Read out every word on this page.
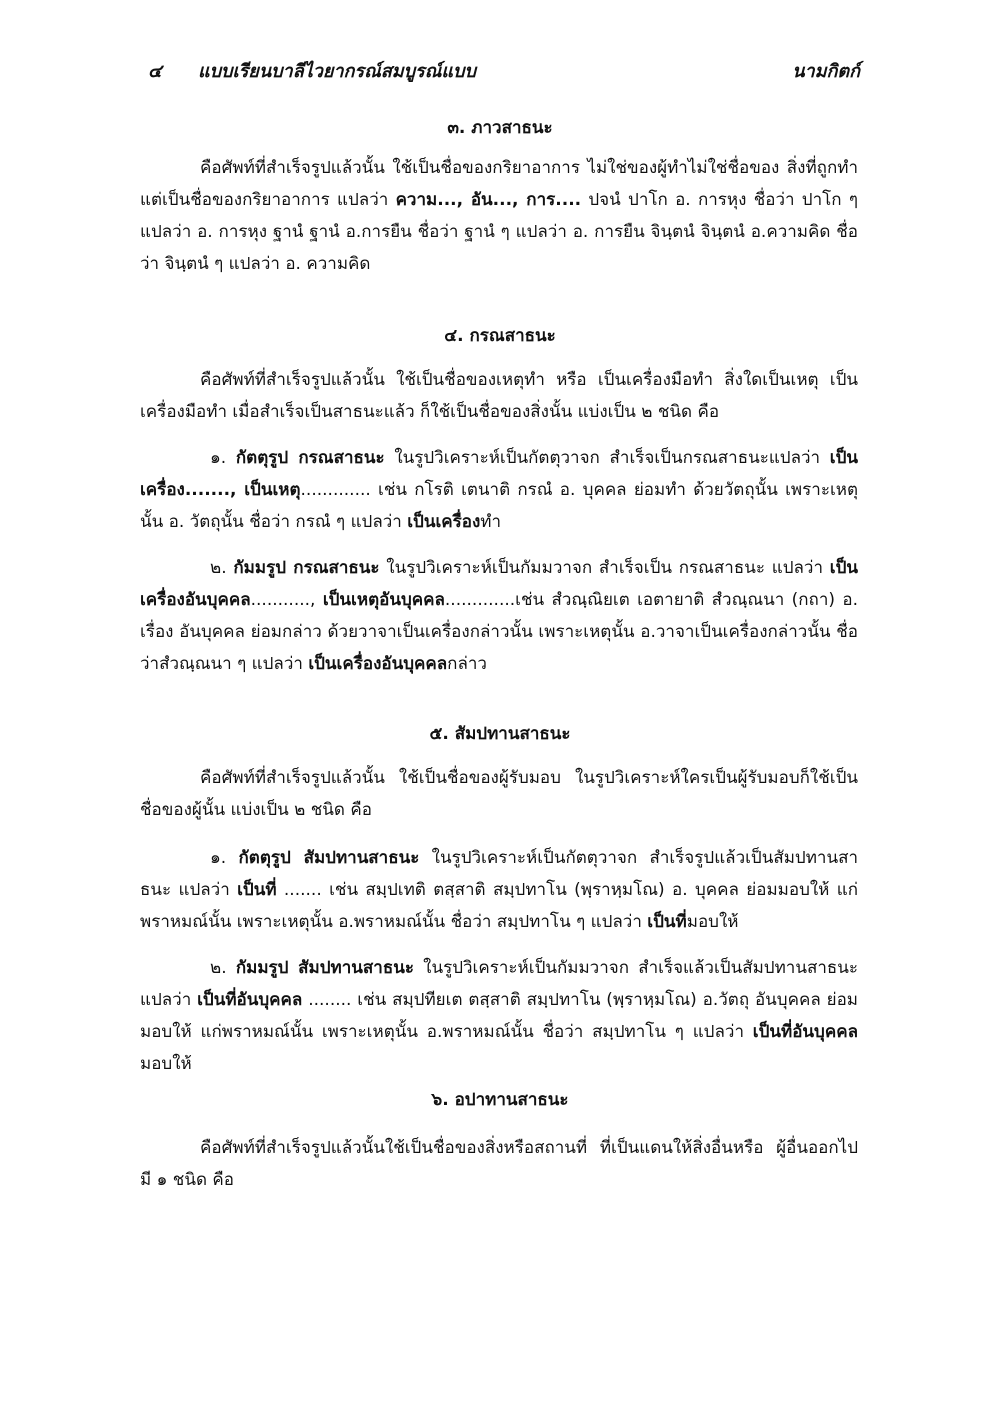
๔ แบบเรียนบาลีไวยากรณ์สมบูรณ์แบบ	นามกิตก์
๓. ภาวสาธนะ

คือศัพท์ที่สำเร็จรูปแล้วนั้น ใช้เป็นชื่อของกริยาอาการ ไม่ใช่ของผู้ทำไม่ใช่ชื่อของ สิ่งที่ถูกทำ แต่เป็นชื่อของกริยาอาการ แปลว่า ความ..., อัน..., การ.... ปจนํ ปาโก อ. การหุง ชื่อว่า ปาโก ๆ แปลว่า อ. การหุง ฐานํ ฐานํ อ.การยืน ชื่อว่า ฐานํ ๆ แปลว่า อ. การยืน จินฺตนํ จินฺตนํ อ.ความคิด ชื่อว่า จินฺตนํ ๆ แปลว่า อ. ความคิด

๔. กรณสาธนะ

คือศัพท์ที่สำเร็จรูปแล้วนั้น ใช้เป็นชื่อของเหตุทำ หรือ เป็นเครื่องมือทำ สิ่งใดเป็นเหตุ เป็นเครื่องมือทำ เมื่อสำเร็จเป็นสาธนะแล้ว ก็ใช้เป็นชื่อของสิ่งนั้น แบ่งเป็น ๒ ชนิด คือ

๑. กัตตุรูป กรณสาธนะ ในรูปวิเคราะห์เป็นกัตตุวาจก สำเร็จเป็นกรณสาธนะแปลว่า เป็นเครื่อง......., เป็นเหตุ............. เช่น กโรติ เตนาติ กรณํ อ. บุคคล ย่อมทำ ด้วยวัตถุนั้น เพราะเหตุนั้น อ. วัตถุนั้น ชื่อว่า กรณํ ๆ แปลว่า เป็นเครื่องทำ

๒. กัมมรูป กรณสาธนะ ในรูปวิเคราะห์เป็นกัมมวาจก สำเร็จเป็น กรณสาธนะ แปลว่า เป็นเครื่องอันบุคคล..........., เป็นเหตุอันบุคคล.............เช่น สํวณฺณิยเต เอตายาติ สํวณฺณนา (กถา) อ. เรื่อง อันบุคคล ย่อมกล่าว ด้วยวาจาเป็นเครื่องกล่าวนั้น เพราะเหตุนั้น อ.วาจาเป็นเครื่องกล่าวนั้น ชื่อว่าสํวณฺณนา ๆ แปลว่า เป็นเครื่องอันบุคคลกล่าว

๕. สัมปทานสาธนะ

คือศัพท์ที่สำเร็จรูปแล้วนั้น ใช้เป็นชื่อของผู้รับมอบ ในรูปวิเคราะห์ใครเป็นผู้รับมอบก็ใช้เป็นชื่อของผู้นั้น แบ่งเป็น ๒ ชนิด คือ

๑. กัตตุรูป สัมปทานสาธนะ ในรูปวิเคราะห์เป็นกัตตุวาจก สำเร็จรูปแล้วเป็นสัมปทานสาธนะ แปลว่า เป็นที่ ....... เช่น สมฺปเทติ ตสฺสาติ สมฺปทาโน (พฺราหฺมโณ) อ. บุคคล ย่อมมอบให้ แก่พราหมณ์นั้น เพราะเหตุนั้น อ.พราหมณ์นั้น ชื่อว่า สมฺปทาโน ๆ แปลว่า เป็นที่มอบให้

๒. กัมมรูป สัมปทานสาธนะ ในรูปวิเคราะห์เป็นกัมมวาจก สำเร็จแล้วเป็นสัมปทานสาธนะ แปลว่า เป็นที่อันบุคคล ........ เช่น สมฺปทียเต ตสฺสาติ สมฺปทาโน (พฺราหฺมโณ) อ.วัตถุ อันบุคคล ย่อมมอบให้ แก่พราหมณ์นั้น เพราะเหตุนั้น อ.พราหมณ์นั้น ชื่อว่า สมฺปทาโน ๆ แปลว่า เป็นที่อันบุคคลมอบให้

๖. อปาทานสาธนะ

คือศัพท์ที่สำเร็จรูปแล้วนั้นใช้เป็นชื่อของสิ่งหรือสถานที่ ที่เป็นแดนให้สิ่งอื่นหรือ ผู้อื่นออกไป มี ๑ ชนิด คือ
